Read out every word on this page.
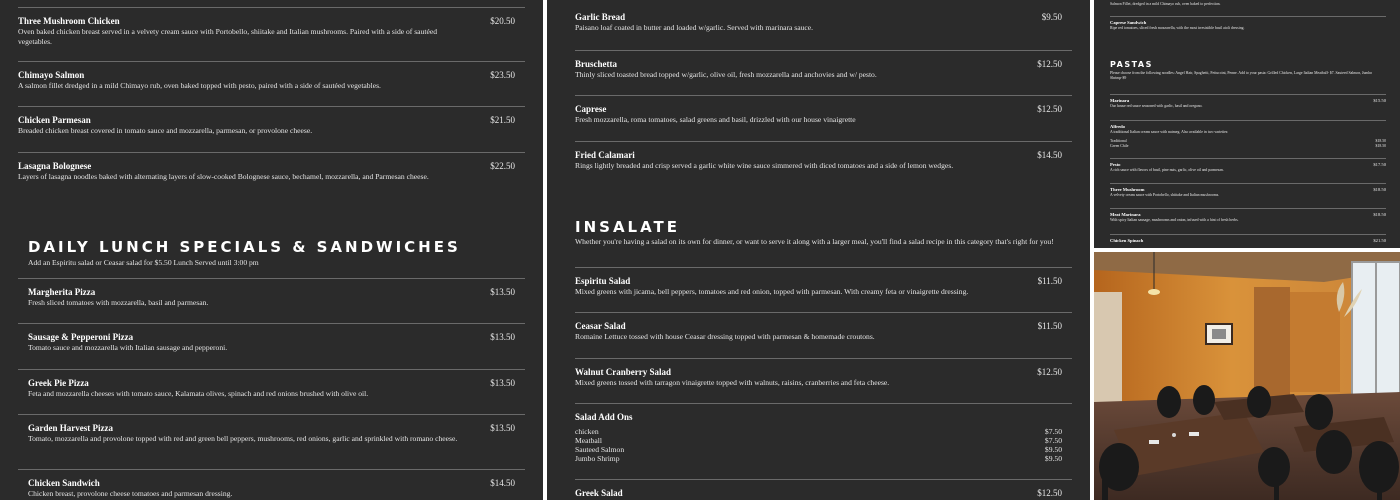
Three Mushroom Chicken	$20.50
Oven baked chicken breast served in a velvety cream sauce with Portobello, shiitake and Italian mushrooms. Paired with a side of sautéed vegetables.
Chimayo Salmon	$23.50
A salmon fillet dredged in a mild Chimayo rub, oven baked topped with pesto, paired with a side of sautéed vegetables.
Chicken Parmesan	$21.50
Breaded chicken breast covered in tomato sauce and mozzarella, parmesan, or provolone cheese.
Lasagna Bolognese	$22.50
Layers of lasagna noodles baked with alternating layers of slow-cooked Bolognese sauce, bechamel, mozzarella, and Parmesan cheese.
DAILY LUNCH SPECIALS & SANDWICHES
Add an Espiritu salad or Ceasar salad for $5.50 Lunch Served until 3:00 pm
Margherita Pizza	$13.50
Fresh sliced tomatoes with mozzarella, basil and parmesan.
Sausage & Pepperoni Pizza	$13.50
Tomato sauce and mozzarella with Italian sausage and pepperoni.
Greek Pie Pizza	$13.50
Feta and mozzarella cheeses with tomato sauce, Kalamata olives, spinach and red onions brushed with olive oil.
Garden Harvest Pizza	$13.50
Tomato, mozzarella and provolone topped with red and green bell peppers, mushrooms, red onions, garlic and sprinkled with romano cheese.
Chicken Sandwich	$14.50
Chicken breast, provolone cheese tomatoes and parmesan dressing.
Garlic Bread	$9.50
Paisano loaf coated in butter and loaded w/garlic. Served with marinara sauce.
Bruschetta	$12.50
Thinly sliced toasted bread topped w/garlic, olive oil, fresh mozzarella and anchovies and w/ pesto.
Caprese	$12.50
Fresh mozzarella, roma tomatoes, salad greens and basil, drizzled with our house vinaigrette
Fried Calamari	$14.50
Rings lightly breaded and crisp served a garlic white wine sauce simmered with diced tomatoes and a side of lemon wedges.
INSALATE
Whether you're having a salad on its own for dinner, or want to serve it along with a larger meal, you'll find a salad recipe in this category that's right for you!
Espiritu Salad	$11.50
Mixed greens with jicama, bell peppers, tomatoes and red onion, topped with parmesan. With creamy feta or vinaigrette dressing.
Ceasar Salad	$11.50
Romaine Lettuce tossed with house Ceasar dressing topped with parmesan & homemade croutons.
Walnut Cranberry Salad	$12.50
Mixed greens tossed with tarragon vinaigrette topped with walnuts, raisins, cranberries and feta cheese.
Salad Add Ons
chicken	$7.50
Meatball	$7.50
Sauteed Salmon	$9.50
Jumbo Shrimp	$9.50
Greek Salad	$12.50
Salmon Fillet, dredged in a mild Chimayo rub, oven baked to perfection.
Caprese Sandwich
Ripe red tomatoes, sliced fresh mozzarella, with the most irresistible basil aioli dressing.
PASTAS
Please choose from the following noodles: Angel Hair, Spaghetti, Fettuccini, Penne. Add to your pasta: Grilled Chicken, Large Italian Meatball- $7. Sauteed Salmon, Jumbo Shrimp-$9
Marinara	$15.50
Our house red sauce seasoned with garlic, basil and oregano.
Alfredo
A traditional Italian cream sauce with nutmeg. Also available in two varieties:
Traditional	$18.50
Green Chile	$18.50
Pesto	$17.50
A rich sauce with flavors of basil, pine nuts, garlic, olive oil and parmesan.
Three Mushroom	$18.50
A velvety cream sauce with Portobello, shiitake and Italian mushrooms.
Meat Marinara	$18.50
With spicy Italian sausage, mushrooms and onion, infused with a hint of fresh herbs.
Chicken Spinach	$21.50
